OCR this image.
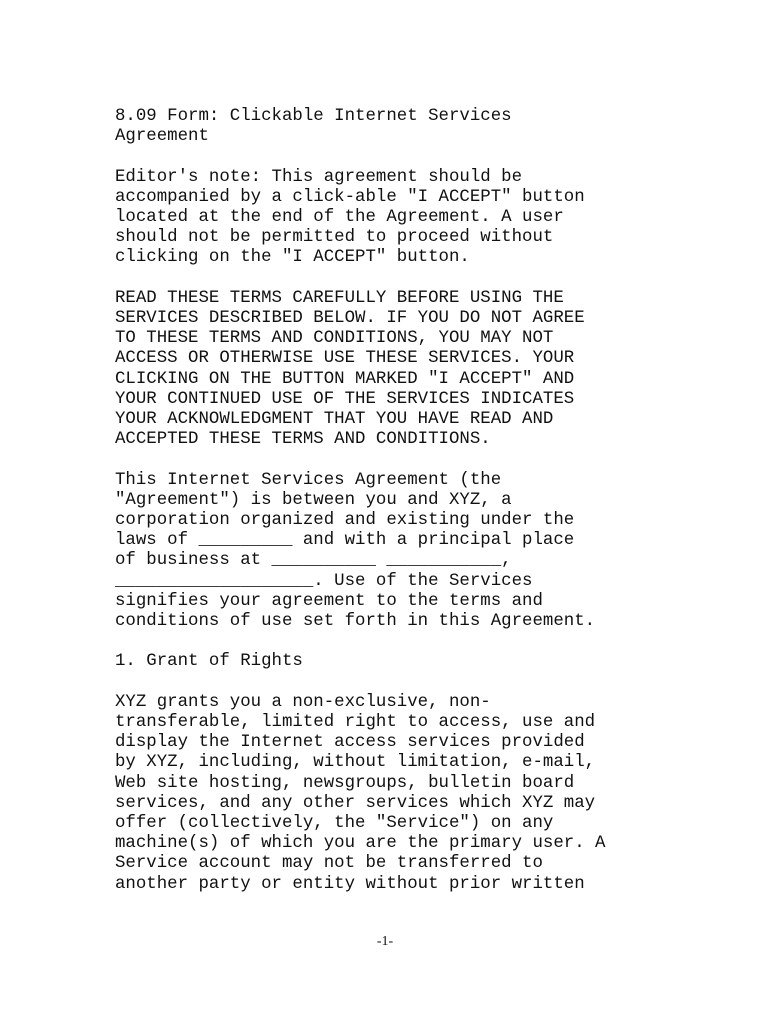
8.09 Form: Clickable Internet Services
Agreement

Editor's note: This agreement should be
accompanied by a click-able "I ACCEPT" button
located at the end of the Agreement. A user
should not be permitted to proceed without
clicking on the "I ACCEPT" button.

READ THESE TERMS CAREFULLY BEFORE USING THE
SERVICES DESCRIBED BELOW. IF YOU DO NOT AGREE
TO THESE TERMS AND CONDITIONS, YOU MAY NOT
ACCESS OR OTHERWISE USE THESE SERVICES. YOUR
CLICKING ON THE BUTTON MARKED "I ACCEPT" AND
YOUR CONTINUED USE OF THE SERVICES INDICATES
YOUR ACKNOWLEDGMENT THAT YOU HAVE READ AND
ACCEPTED THESE TERMS AND CONDITIONS.

This Internet Services Agreement (the
"Agreement") is between you and XYZ, a
corporation organized and existing under the
laws of _________ and with a principal place
of business at __________ ___________,
___________________. Use of the Services
signifies your agreement to the terms and
conditions of use set forth in this Agreement.

1. Grant of Rights

XYZ grants you a non-exclusive, non-
transferable, limited right to access, use and
display the Internet access services provided
by XYZ, including, without limitation, e-mail,
Web site hosting, newsgroups, bulletin board
services, and any other services which XYZ may
offer (collectively, the "Service") on any
machine(s) of which you are the primary user. A
Service account may not be transferred to
another party or entity without prior written

-1-
